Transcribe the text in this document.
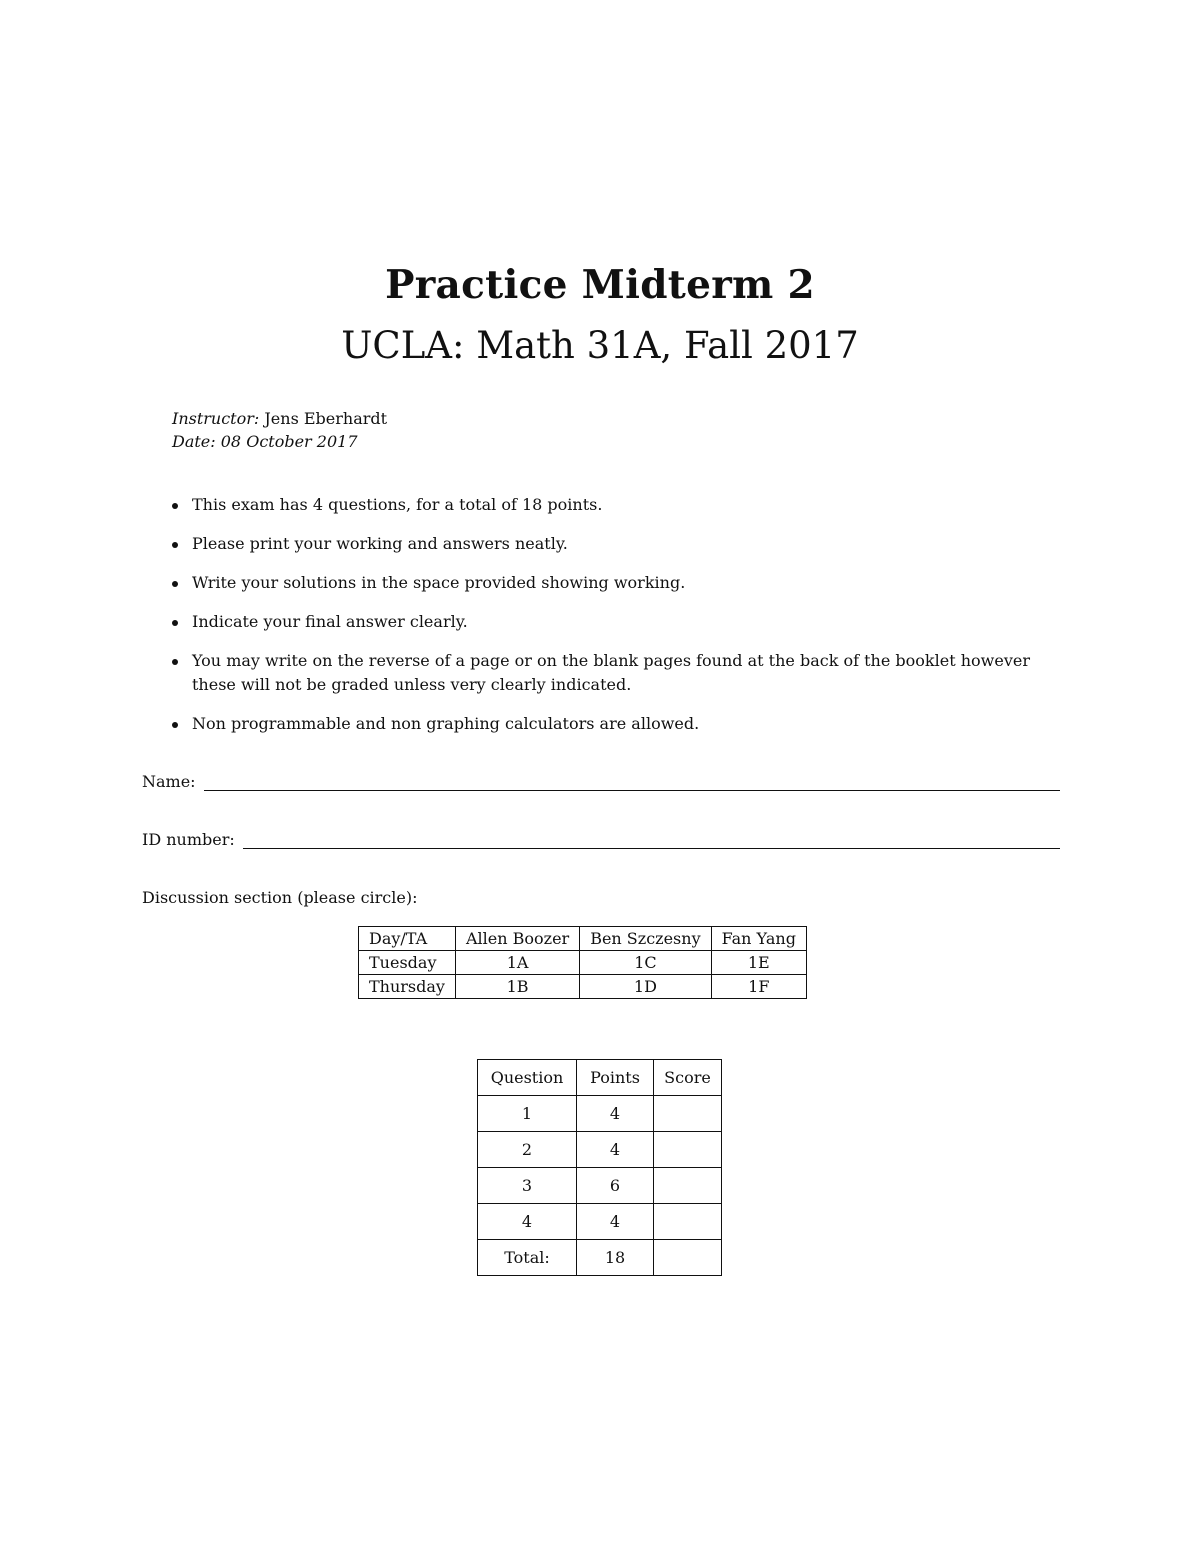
Practice Midterm 2
UCLA: Math 31A, Fall 2017
Instructor: Jens Eberhardt
Date: 08 October 2017
This exam has 4 questions, for a total of 18 points.
Please print your working and answers neatly.
Write your solutions in the space provided showing working.
Indicate your final answer clearly.
You may write on the reverse of a page or on the blank pages found at the back of the booklet however these will not be graded unless very clearly indicated.
Non programmable and non graphing calculators are allowed.
Name:
ID number:
Discussion section (please circle):
Day/TA	Allen Boozer	Ben Szczesny	Fan Yang
Tuesday	1A	1C	1E
Thursday	1B	1D	1F
Question	Points	Score
1	4	
2	4	
3	6	
4	4	
Total:	18	
